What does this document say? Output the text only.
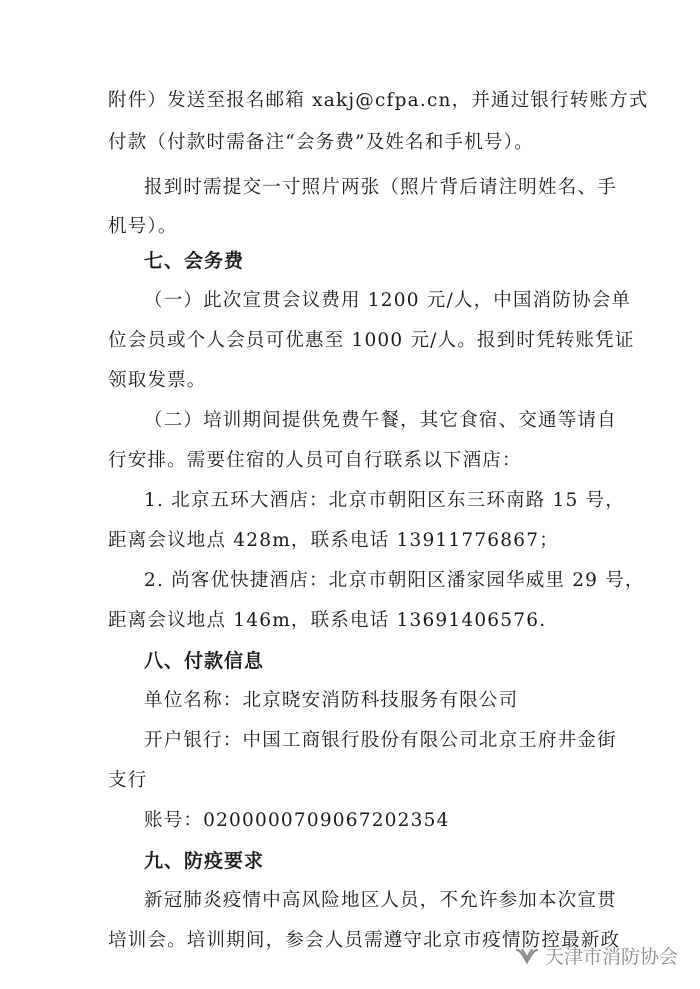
附件）发送至报名邮箱 xakj@cfpa.cn，并通过银行转账方式
付款（付款时需备注“会务费”及姓名和手机号）。
报到时需提交一寸照片两张（照片背后请注明姓名、手
机号）。
七、会务费
（一）此次宣贯会议费用 1200 元/人，中国消防协会单
位会员或个人会员可优惠至 1000 元/人。报到时凭转账凭证
领取发票。
（二）培训期间提供免费午餐，其它食宿、交通等请自
行安排。需要住宿的人员可自行联系以下酒店：
1. 北京五环大酒店：北京市朝阳区东三环南路 15 号，
距离会议地点 428m，联系电话 13911776867；
2. 尚客优快捷酒店：北京市朝阳区潘家园华威里 29 号，
距离会议地点 146m，联系电话 13691406576.
八、付款信息
单位名称：北京晓安消防科技服务有限公司
开户银行：中国工商银行股份有限公司北京王府井金街
支行
账号：0200000709067202354
九、防疫要求
新冠肺炎疫情中高风险地区人员，不允许参加本次宣贯
培训会。培训期间，参会人员需遵守北京市疫情防控最新政
天津市消防协会
